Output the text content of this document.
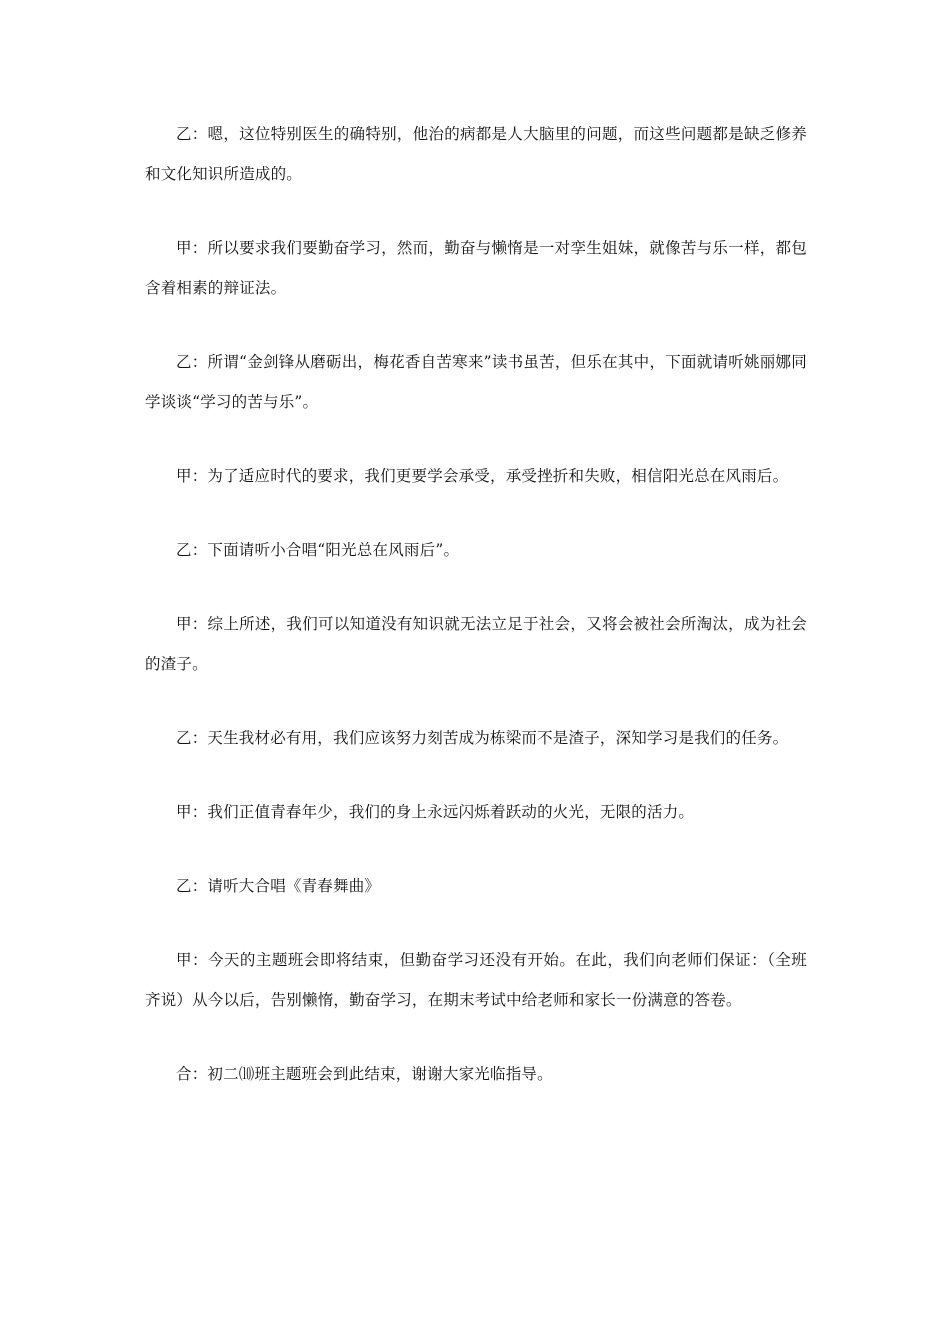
乙：嗯，这位特别医生的确特别，他治的病都是人大脑里的问题，而这些问题都是缺乏修养和文化知识所造成的。

甲：所以要求我们要勤奋学习，然而，勤奋与懒惰是一对孪生姐妹，就像苦与乐一样，都包含着相素的辩证法。

乙：所谓“金剑锋从磨砺出，梅花香自苦寒来”读书虽苦，但乐在其中，下面就请听姚丽娜同学谈谈“学习的苦与乐”。

甲：为了适应时代的要求，我们更要学会承受，承受挫折和失败，相信阳光总在风雨后。

乙：下面请听小合唱“阳光总在风雨后”。

甲：综上所述，我们可以知道没有知识就无法立足于社会，又将会被社会所淘汰，成为社会的渣子。

乙：天生我材必有用，我们应该努力刻苦成为栋梁而不是渣子，深知学习是我们的任务。

甲：我们正值青春年少，我们的身上永远闪烁着跃动的火光，无限的活力。

乙：请听大合唱《青春舞曲》

甲：今天的主题班会即将结束，但勤奋学习还没有开始。在此，我们向老师们保证：（全班齐说）从今以后，告别懒惰，勤奋学习，在期末考试中给老师和家长一份满意的答卷。

合：初二⑽班主题班会到此结束，谢谢大家光临指导。
